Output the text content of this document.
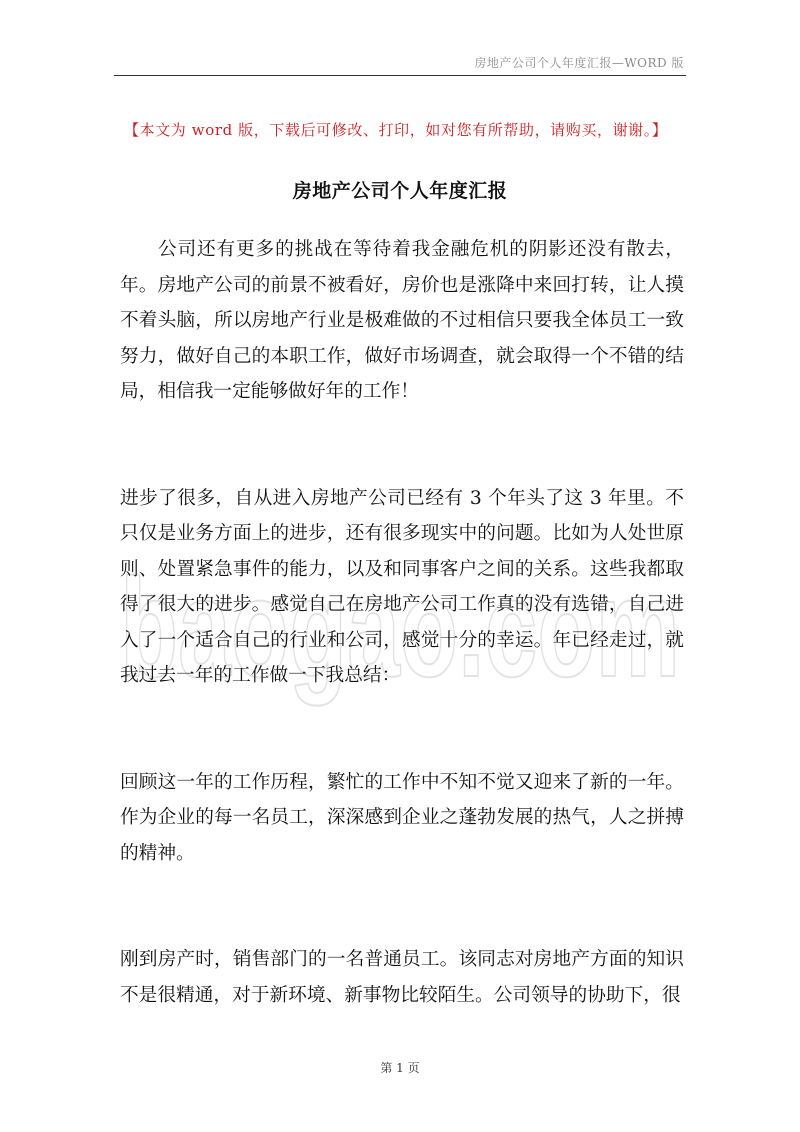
房地产公司个人年度汇报—WORD 版
【本文为 word 版，下载后可修改、打印，如对您有所帮助，请购买，谢谢。】
房地产公司个人年度汇报
baogao.com

公司还有更多的挑战在等待着我金融危机的阴影还没有散去，年。房地产公司的前景不被看好，房价也是涨降中来回打转，让人摸不着头脑，所以房地产行业是极难做的不过相信只要我全体员工一致努力，做好自己的本职工作，做好市场调查，就会取得一个不错的结局，相信我一定能够做好年的工作！

进步了很多，自从进入房地产公司已经有 3 个年头了这 3 年里。不只仅是业务方面上的进步，还有很多现实中的问题。比如为人处世原则、处置紧急事件的能力，以及和同事客户之间的关系。这些我都取得了很大的进步。感觉自己在房地产公司工作真的没有选错，自己进入了一个适合自己的行业和公司，感觉十分的幸运。年已经走过，就我过去一年的工作做一下我总结：

回顾这一年的工作历程，繁忙的工作中不知不觉又迎来了新的一年。作为企业的每一名员工，深深感到企业之蓬勃发展的热气，人之拼搏的精神。

刚到房产时，销售部门的一名普通员工。该同志对房地产方面的知识不是很精通，对于新环境、新事物比较陌生。公司领导的协助下，很

第 1 页
